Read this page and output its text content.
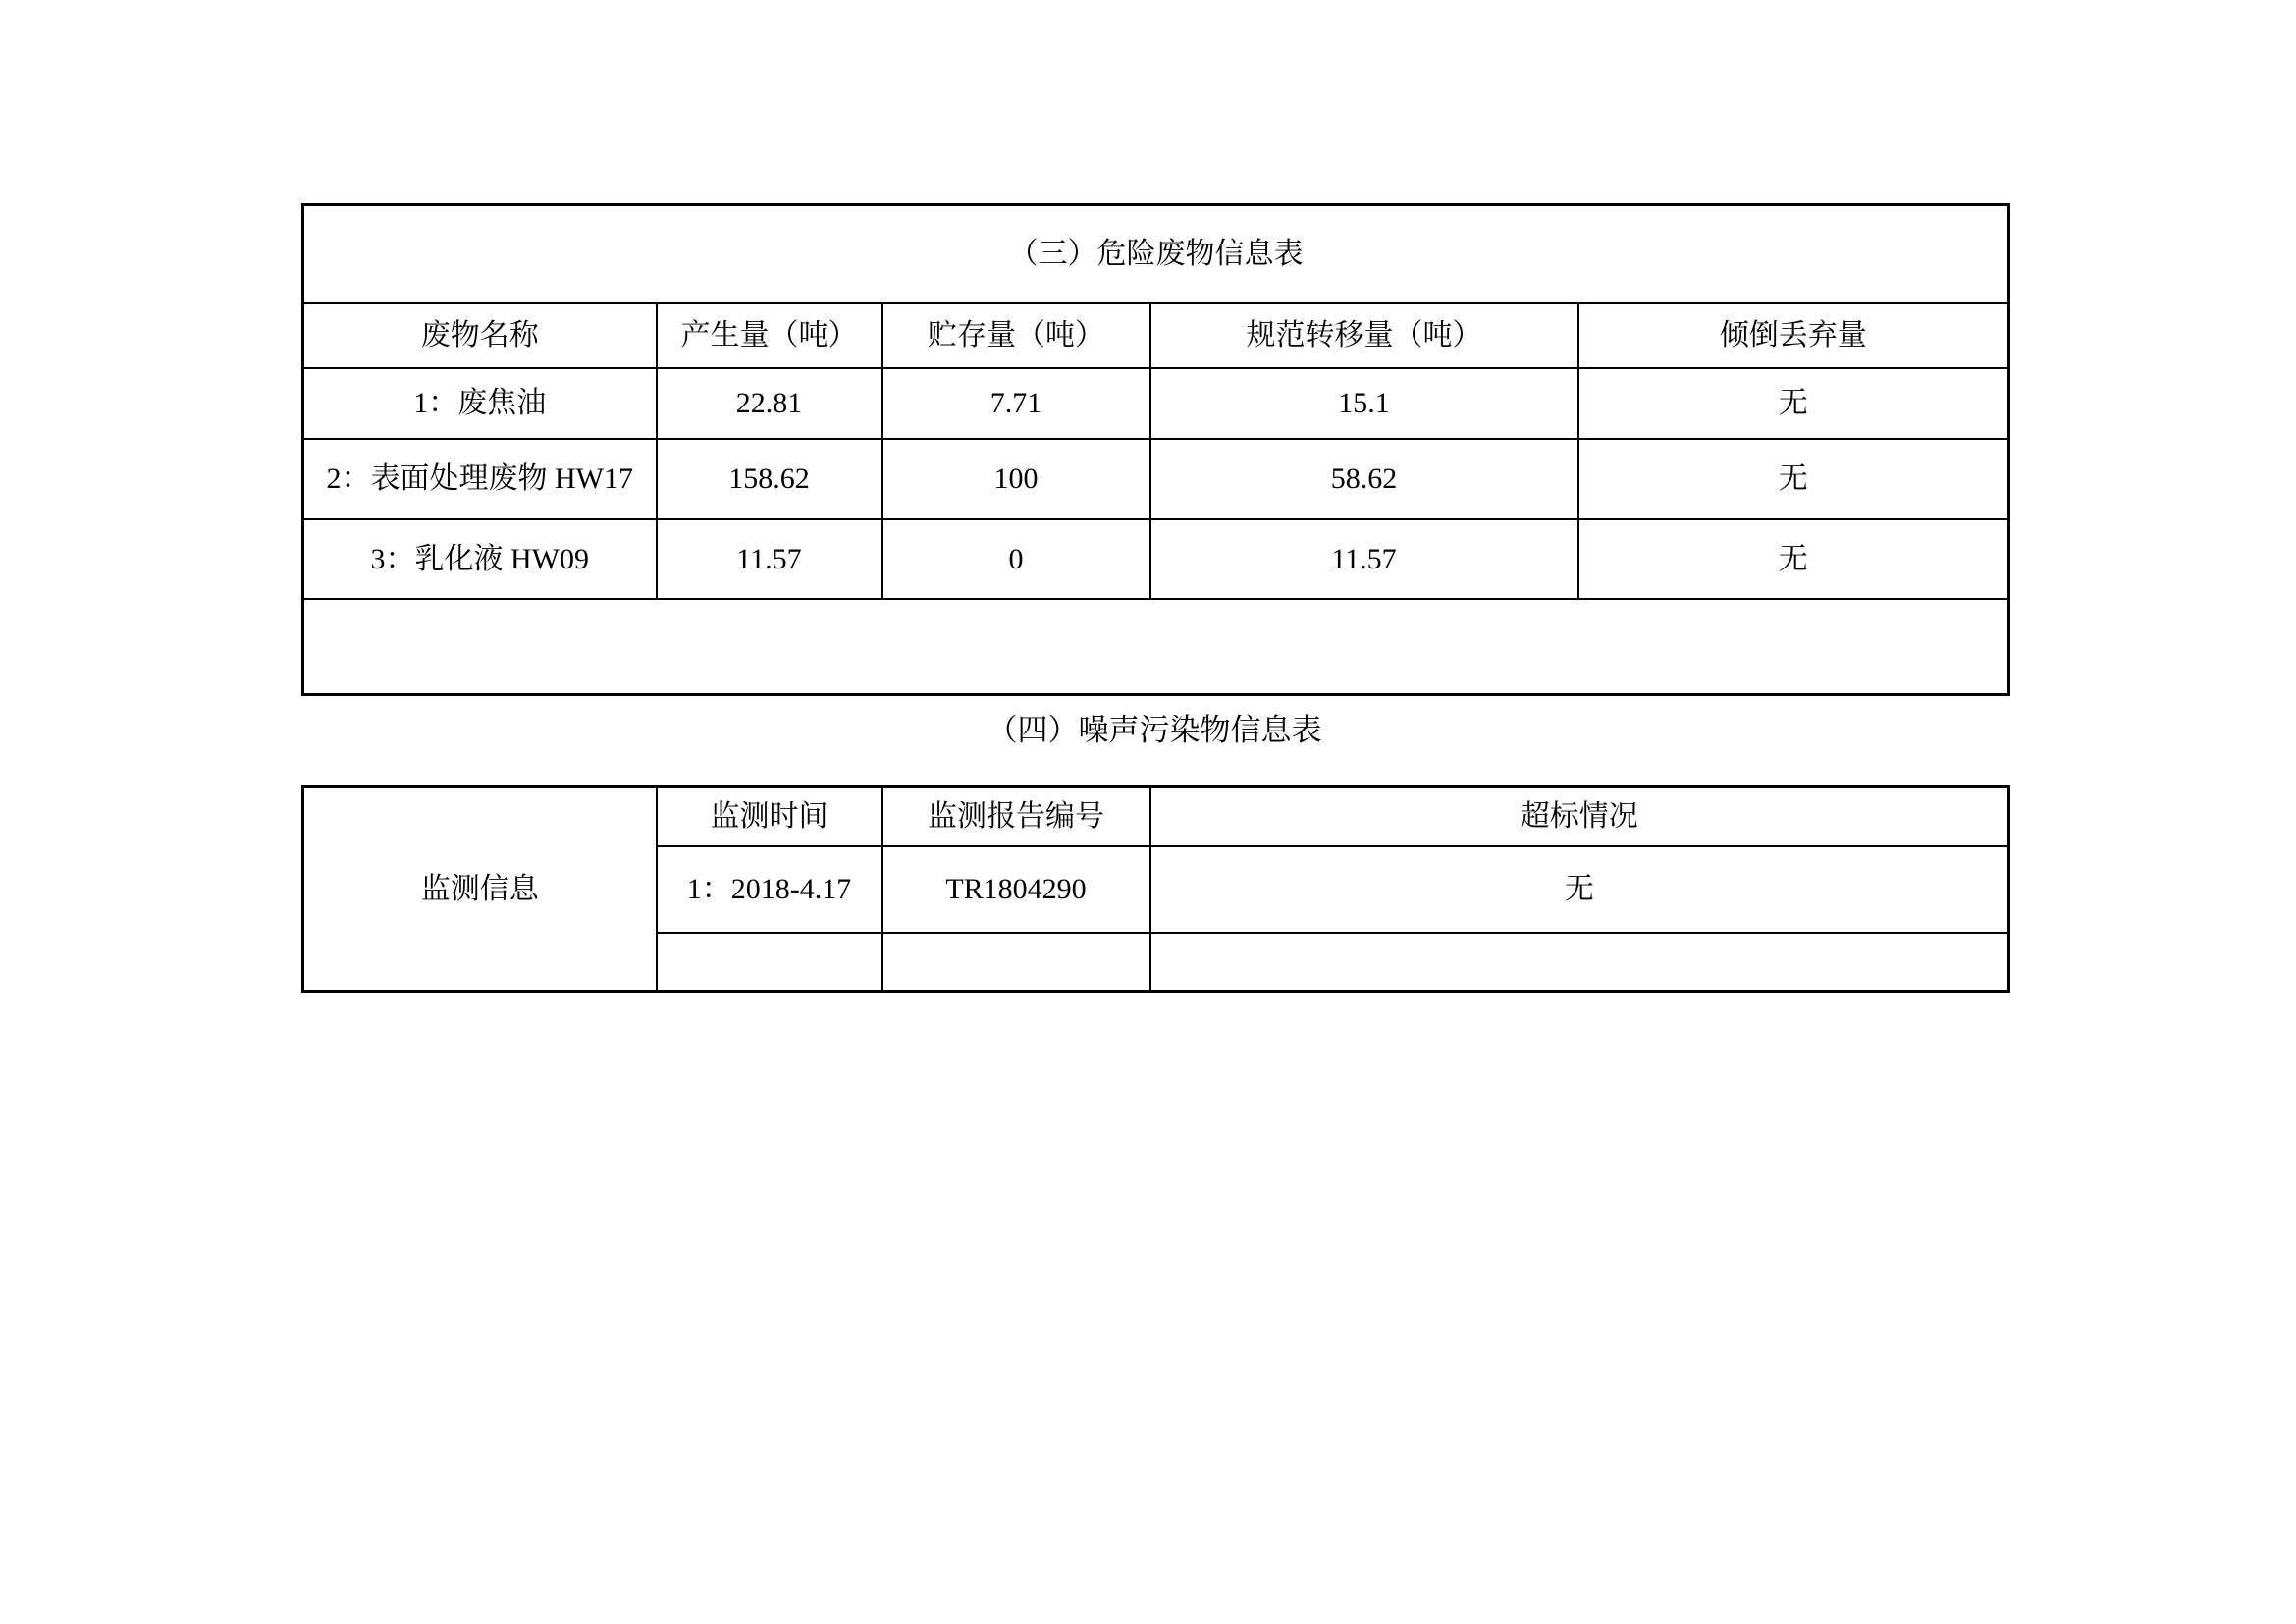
（三）危险废物信息表				
废物名称	产生量（吨）	贮存量（吨）	规范转移量（吨）	倾倒丢弃量
1：废焦油	22.81	7.71	15.1	无
2：表面处理废物 HW17	158.62	100	58.62	无
3：乳化液 HW09	11.57	0	11.57	无

（四）噪声污染物信息表
监测信息	监测时间	监测报告编号	超标情况
	1：2018-4.17	TR1804290	无
